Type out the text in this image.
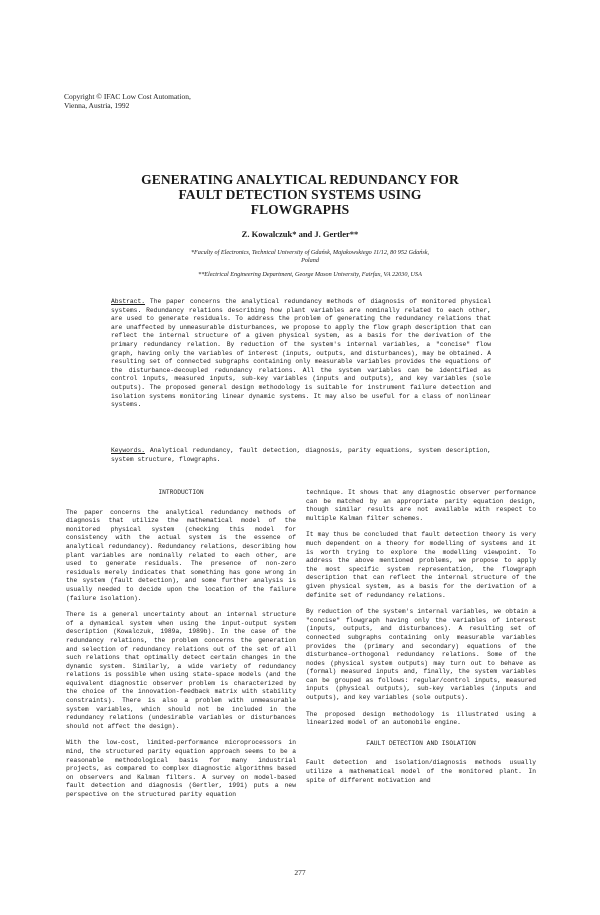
Copyright © IFAC Low Cost Automation,
Vienna, Austria, 1992
GENERATING ANALYTICAL REDUNDANCY FOR
FAULT DETECTION SYSTEMS USING
FLOWGRAPHS
Z. Kowalczuk* and J. Gertler**
*Faculty of Electronics, Technical University of Gdańsk, Majakowskiego 11/12, 80 952 Gdańsk,
Poland
**Electrical Engineering Department, George Mason University, Fairfax, VA 22030, USA
Abstract. The paper concerns the analytical redundancy methods of diagnosis of monitored physical systems. Redundancy relations describing how plant variables are nominally related to each other, are used to generate residuals. To address the problem of generating the redundancy relations that are unaffected by unmeasurable disturbances, we propose to apply the flow graph description that can reflect the internal structure of a given physical system, as a basis for the derivation of the primary redundancy relation. By reduction of the system's internal variables, a "concise" flow graph, having only the variables of interest (inputs, outputs, and disturbances), may be obtained. A resulting set of connected subgraphs containing only measurable variables provides the equations of the disturbance-decoupled redundancy relations. All the system variables can be identified as control inputs, measured inputs, sub-key variables (inputs and outputs), and key variables (sole outputs). The proposed general design methodology is suitable for instrument failure detection and isolation systems monitoring linear dynamic systems. It may also be useful for a class of nonlinear systems.
Keywords. Analytical redundancy, fault detection, diagnosis, parity equations, system description, system structure, flowgraphs.
INTRODUCTION

The paper concerns the analytical redundancy methods of diagnosis that utilize the mathematical model of the monitored physical system (checking this model for consistency with the actual system is the essence of analytical redundancy). Redundancy relations, describing how plant variables are nominally related to each other, are used to generate residuals. The presence of non-zero residuals merely indicates that something has gone wrong in the system (fault detection), and some further analysis is usually needed to decide upon the location of the failure (failure isolation).

There is a general uncertainty about an internal structure of a dynamical system when using the input-output system description (Kowalczuk, 1989a, 1989b). In the case of the redundancy relations, the problem concerns the generation and selection of redundancy relations out of the set of all such relations that optimally detect certain changes in the dynamic system. Similarly, a wide variety of redundancy relations is possible when using state-space models (and the equivalent diagnostic observer problem is characterized by the choice of the innovation-feedback matrix with stability constraints). There is also a problem with unmeasurable system variables, which should not be included in the redundancy relations (undesirable variables or disturbances should not affect the design).

With the low-cost, limited-performance microprocessors in mind, the structured parity equation approach seems to be a reasonable methodological basis for many industrial projects, as compared to complex diagnostic algorithms based on observers and Kalman filters. A survey on model-based fault detection and diagnosis (Gertler, 1991) puts a new perspective on the structured parity equation

technique. It shows that any diagnostic observer performance can be matched by an appropriate parity equation design, though similar results are not available with respect to multiple Kalman filter schemes.

It may thus be concluded that fault detection theory is very much dependent on a theory for modelling of systems and it is worth trying to explore the modelling viewpoint. To address the above mentioned problems, we propose to apply the most specific system representation, the flowgraph description that can reflect the internal structure of the given physical system, as a basis for the derivation of a definite set of redundancy relations.

By reduction of the system's internal variables, we obtain a "concise" flowgraph having only the variables of interest (inputs, outputs, and disturbances). A resulting set of connected subgraphs containing only measurable variables provides the (primary and secondary) equations of the disturbance-orthogonal redundancy relations. Some of the nodes (physical system outputs) may turn out to behave as (formal) measured inputs and, finally, the system variables can be grouped as follows: regular/control inputs, measured inputs (physical outputs), sub-key variables (inputs and outputs), and key variables (sole outputs).

The proposed design methodology is illustrated using a linearized model of an automobile engine.

FAULT DETECTION AND ISOLATION

Fault detection and isolation/diagnosis methods usually utilize a mathematical model of the monitored plant. In spite of different motivation and

277
